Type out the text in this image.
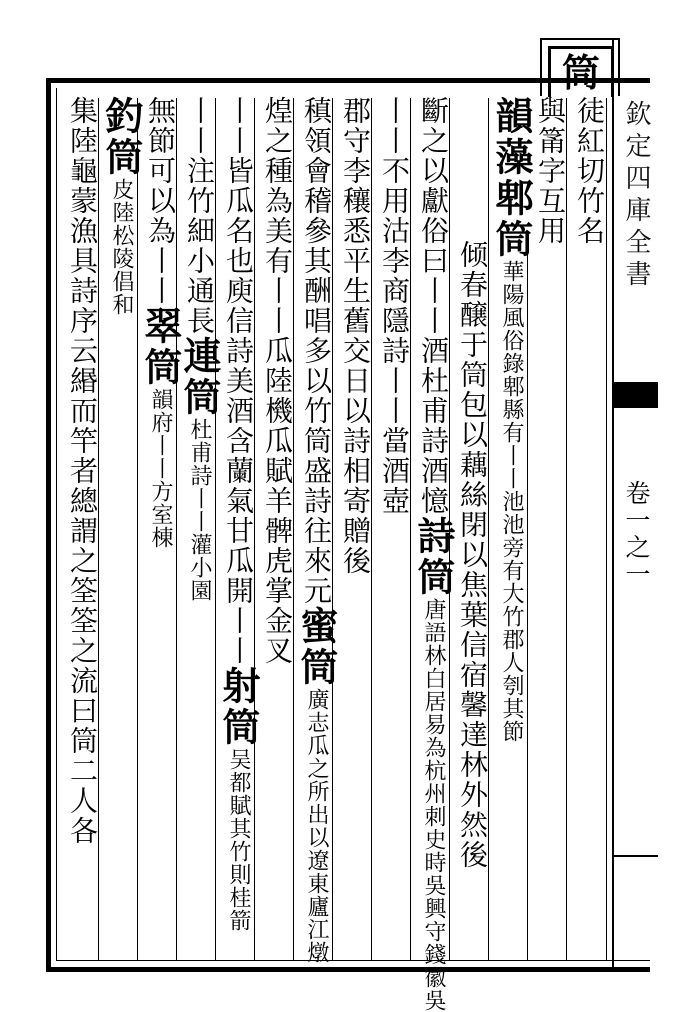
筒
欽定四庫全書
卷一之一
徒紅切竹名
與筩字互用
韻藻郫筒華陽風俗錄郫縣有丨丨池池旁有大竹郡人刳其節
倾春醸于筒包以藕絲閉以焦葉信宿馨達林外然後
斷之以獻俗曰丨丨酒杜甫詩酒憶詩筒唐語林白居易為杭州刺史時吳興守錢徽吳
丨丨不用沽李商隱詩丨丨當酒壺
郡守李穰悉平生舊交日以詩相寄贈後
稹領會稽參其酬唱多以竹筒盛詩往來元蜜筒廣志瓜之所出以遼東廬江燉
煌之種為美有丨丨瓜陸機瓜賦羊髀虎掌金叉
丨丨皆瓜名也庾信詩美酒含蘭氣甘瓜開丨丨射筒吴都賦其竹則桂箭
丨丨注竹細小通長連筒杜甫詩丨丨灌小園
無節可以為丨丨翠筒韻府丨丨方室棟
釣筒皮陸松陵倡和
集陸龜蒙漁具詩序云緡而竿者總謂之筌筌之流曰筒二人各
